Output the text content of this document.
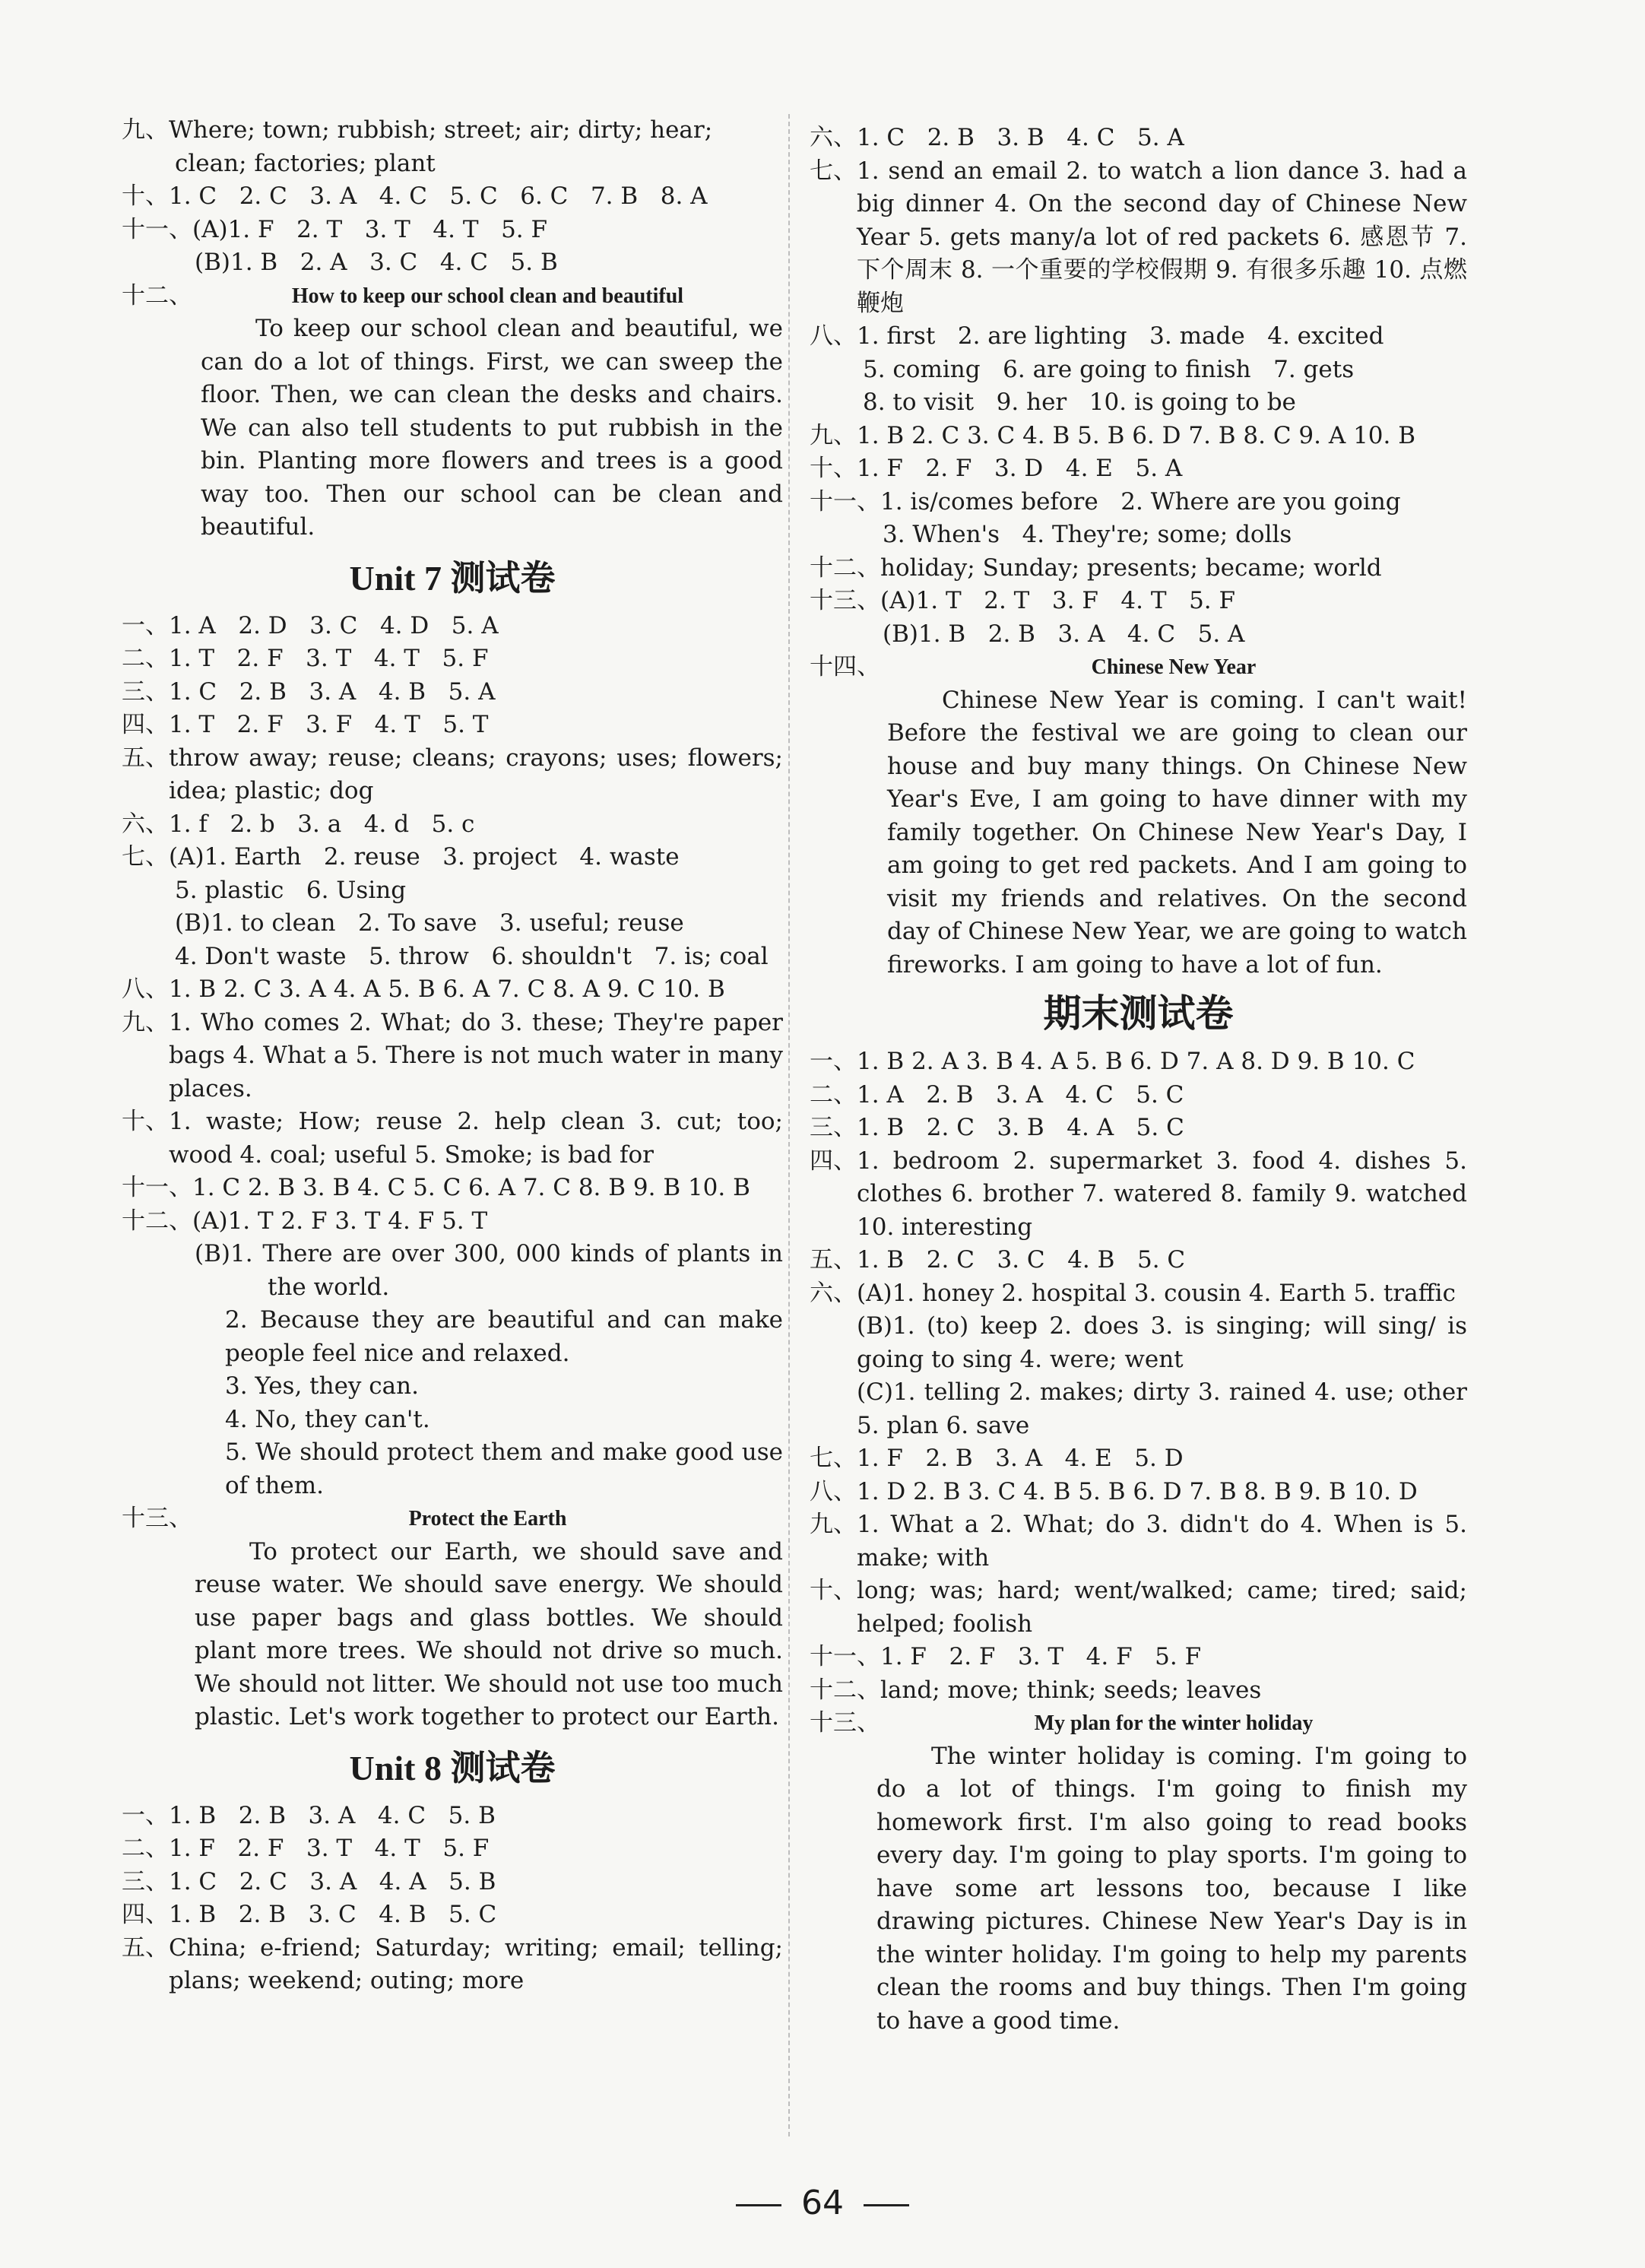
九、Where; town; rubbish; street; air; dirty; hear;

clean; factories; plant

十、1. C   2. C   3. A   4. C   5. C   6. C   7. B   8. A

十一、(A)1. F   2. T   3. T   4. T   5. F

(B)1. B   2. A   3. C   4. C   5. B

十二、	How to keep our school clean and beautiful

To keep our school clean and beautiful, we can do a lot of things. First, we can sweep the floor. Then, we can clean the desks and chairs. We can also tell students to put rubbish in the bin. Planting more flowers and trees is a good way too. Then our school can be clean and beautiful.

Unit 7 测试卷

一、1. A   2. D   3. C   4. D   5. A

二、1. T   2. F   3. T   4. T   5. F

三、1. C   2. B   3. A   4. B   5. A

四、1. T   2. F   3. F   4. T   5. T

五、 throw away; reuse; cleans; crayons; uses; flowers; idea; plastic; dog

六、1. f   2. b   3. a   4. d   5. c

七、(A)1. Earth   2. reuse   3. project   4. waste

5. plastic   6. Using

(B)1. to clean   2. To save   3. useful; reuse

4. Don't waste   5. throw   6. shouldn't   7. is; coal

八、 1. B 2. C 3. A 4. A 5. B 6. A 7. C 8. A 9. C 10. B
九、 1. Who comes 2. What; do 3. these; They're paper bags 4. What a 5. There is not much water in many places.
十、 1. waste; How; reuse 2. help clean 3. cut; too; wood 4. coal; useful 5. Smoke; is bad for
十一、 1. C 2. B 3. B 4. C 5. C 6. A 7. C 8. B 9. B 10. B
十二、 (A)1. T 2. F 3. T 4. F 5. T
(B)1. There are over 300, 000 kinds of plants in the world.
2. Because they are beautiful and can make people feel nice and relaxed.

3. Yes, they can.

4. No, they can't.

5. We should protect them and make good use of them.
十三、	Protect the Earth

To protect our Earth, we should save and reuse water. We should save energy. We should use paper bags and glass bottles. We should plant more trees. We should not drive so much. We should not litter. We should not use too much plastic. Let's work together to protect our Earth.

Unit 8 测试卷

一、1. B   2. B   3. A   4. C   5. B

二、1. F   2. F   3. T   4. T   5. F

三、1. C   2. C   3. A   4. A   5. B

四、1. B   2. B   3. C   4. B   5. C

五、 China; e-friend; Saturday; writing; email; telling; plans; weekend; outing; more

六、1. C   2. B   3. B   4. C   5. A

七、 1. send an email 2. to watch a lion dance 3. had a big dinner 4. On the second day of Chinese New Year 5. gets many/a lot of red packets 6. 感恩节 7. 下个周末 8. 一个重要的学校假期 9. 有很多乐趣 10. 点燃鞭炮

八、1. first   2. are lighting   3. made   4. excited

5. coming   6. are going to finish   7. gets

8. to visit   9. her   10. is going to be

九、 1. B 2. C 3. C 4. B 5. B 6. D 7. B 8. C 9. A 10. B

十、1. F   2. F   3. D   4. E   5. A

十一、1. is/comes before   2. Where are you going

3. When's   4. They're; some; dolls

十二、holiday; Sunday; presents; became; world

十三、(A)1. T   2. T   3. F   4. T   5. F

(B)1. B   2. B   3. A   4. C   5. A

十四、	Chinese New Year

Chinese New Year is coming. I can't wait! Before the festival we are going to clean our house and buy many things. On Chinese New Year's Eve, I am going to have dinner with my family together. On Chinese New Year's Day, I am going to get red packets. And I am going to visit my friends and relatives. On the second day of Chinese New Year, we are going to watch fireworks. I am going to have a lot of fun.

期末测试卷
一、 1. B 2. A 3. B 4. A 5. B 6. D 7. A 8. D 9. B 10. C

二、1. A   2. B   3. A   4. C   5. C

三、1. B   2. C   3. B   4. A   5. C

四、 1. bedroom 2. supermarket 3. food 4. dishes 5. clothes 6. brother 7. watered 8. family 9. watched 10. interesting

五、1. B   2. C   3. C   4. B   5. C

六、 (A)1. honey 2. hospital 3. cousin 4. Earth 5. traffic
(B)1. (to) keep 2. does 3. is singing; will sing/ is going to sing 4. were; went
(C)1. telling 2. makes; dirty 3. rained 4. use; other 5. plan 6. save

七、1. F   2. B   3. A   4. E   5. D

八、 1. D 2. B 3. C 4. B 5. B 6. D 7. B 8. B 9. B 10. D
九、 1. What a 2. What; do 3. didn't do 4. When is 5. make; with
十、 long; was; hard; went/walked; came; tired; said; helped; foolish

十一、1. F   2. F   3. T   4. F   5. F

十二、land; move; think; seeds; leaves

十三、	My plan for the winter holiday

The winter holiday is coming. I'm going to do a lot of things. I'm going to finish my homework first. I'm also going to read books every day. I'm going to play sports. I'm going to have some art lessons too, because I like drawing pictures. Chinese New Year's Day is in the winter holiday. I'm going to help my parents clean the rooms and buy things. Then I'm going to have a good time.

64
